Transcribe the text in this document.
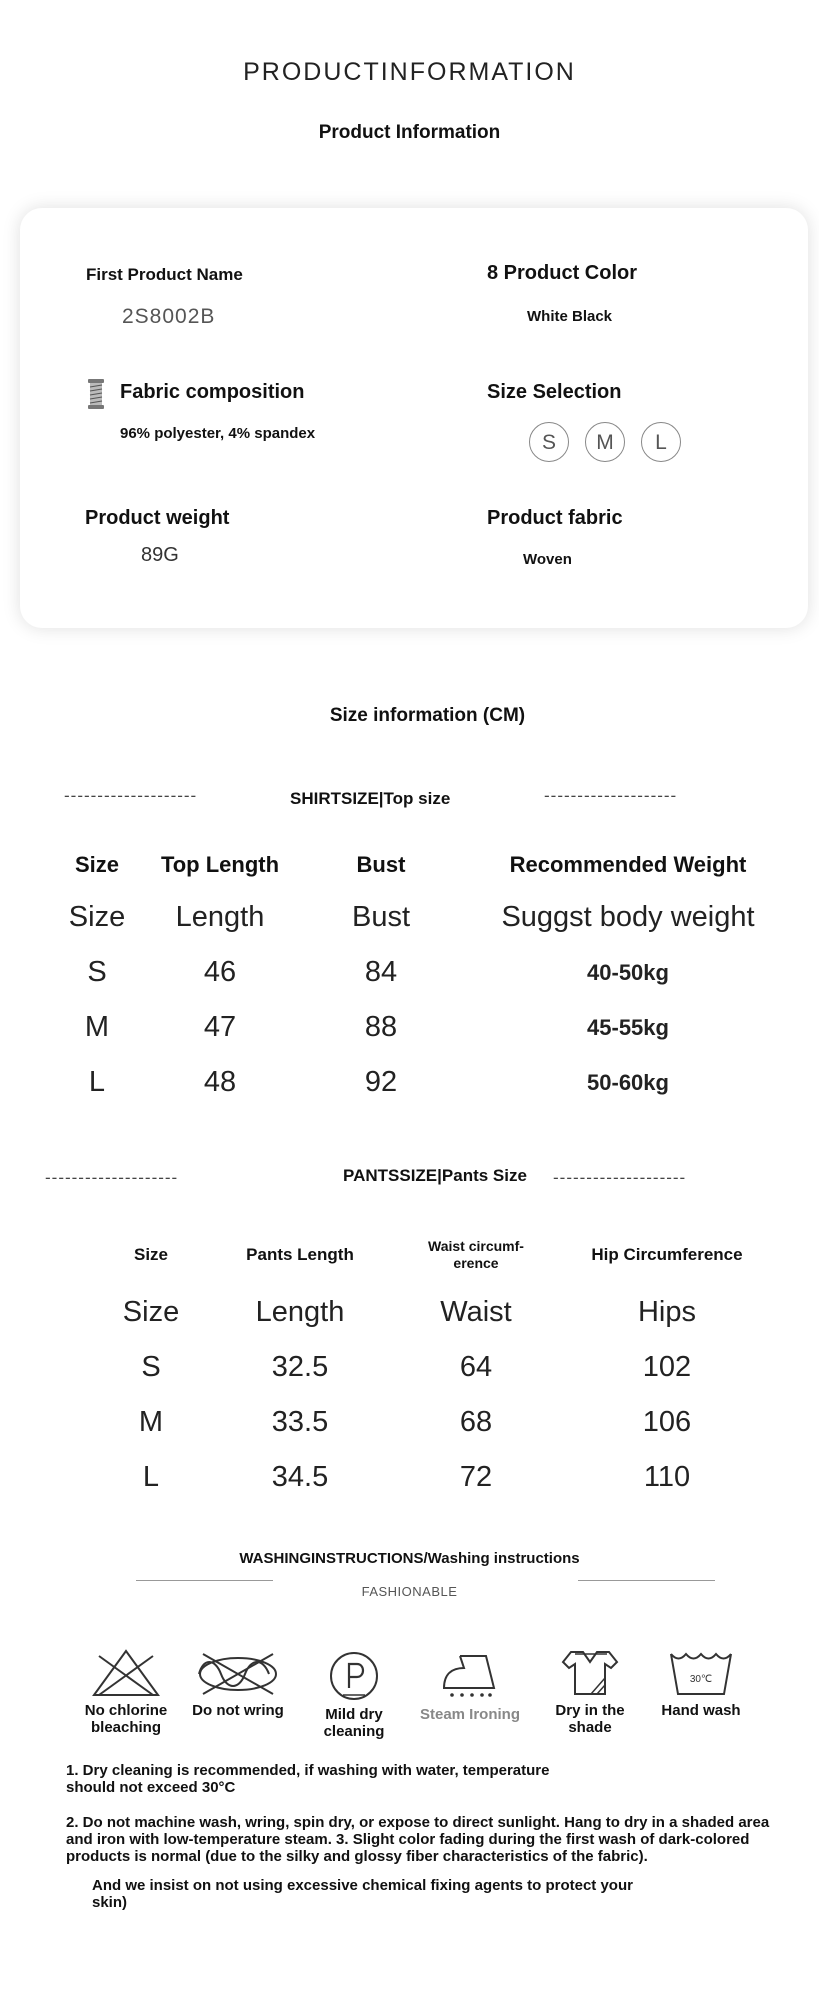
PRODUCTINFORMATION
Product Information
First Product Name
2S8002B
8 Product Color
White Black
Fabric composition
96% polyester, 4% spandex
Size Selection
S	M	L
Product weight
89G
Product fabric
Woven
Size information (CM)
--------------------	SHIRTSIZE|Top size	--------------------
Size	Top Length	Bust	Recommended Weight
Size	Length	Bust	Suggst body weight
S	46	84	40-50kg
M	47	88	45-55kg
L	48	92	50-60kg
--------------------	PANTSSIZE|Pants Size --------------------
Size	Pants Length	Waist circumf-
erence	Hip Circumference
Size	Length	Waist	Hips
S	32.5	64	102
M	33.5	68	106
L	34.5	72	110
WASHINGINSTRUCTIONS/Washing instructions
FASHIONABLE
No chlorine
bleaching
Do not wring	Mild dry
cleaning
Steam Ironing	Dry in the
shade
30℃
Hand wash
1. Dry cleaning is recommended, if washing with water, temperature
should not exceed 30°C
2. Do not machine wash, wring, spin dry, or expose to direct sunlight. Hang to dry in a shaded area
and iron with low-temperature steam. 3. Slight color fading during the first wash of dark-colored
products is normal (due to the silky and glossy fiber characteristics of the fabric).
And we insist on not using excessive chemical fixing agents to protect your
skin)
